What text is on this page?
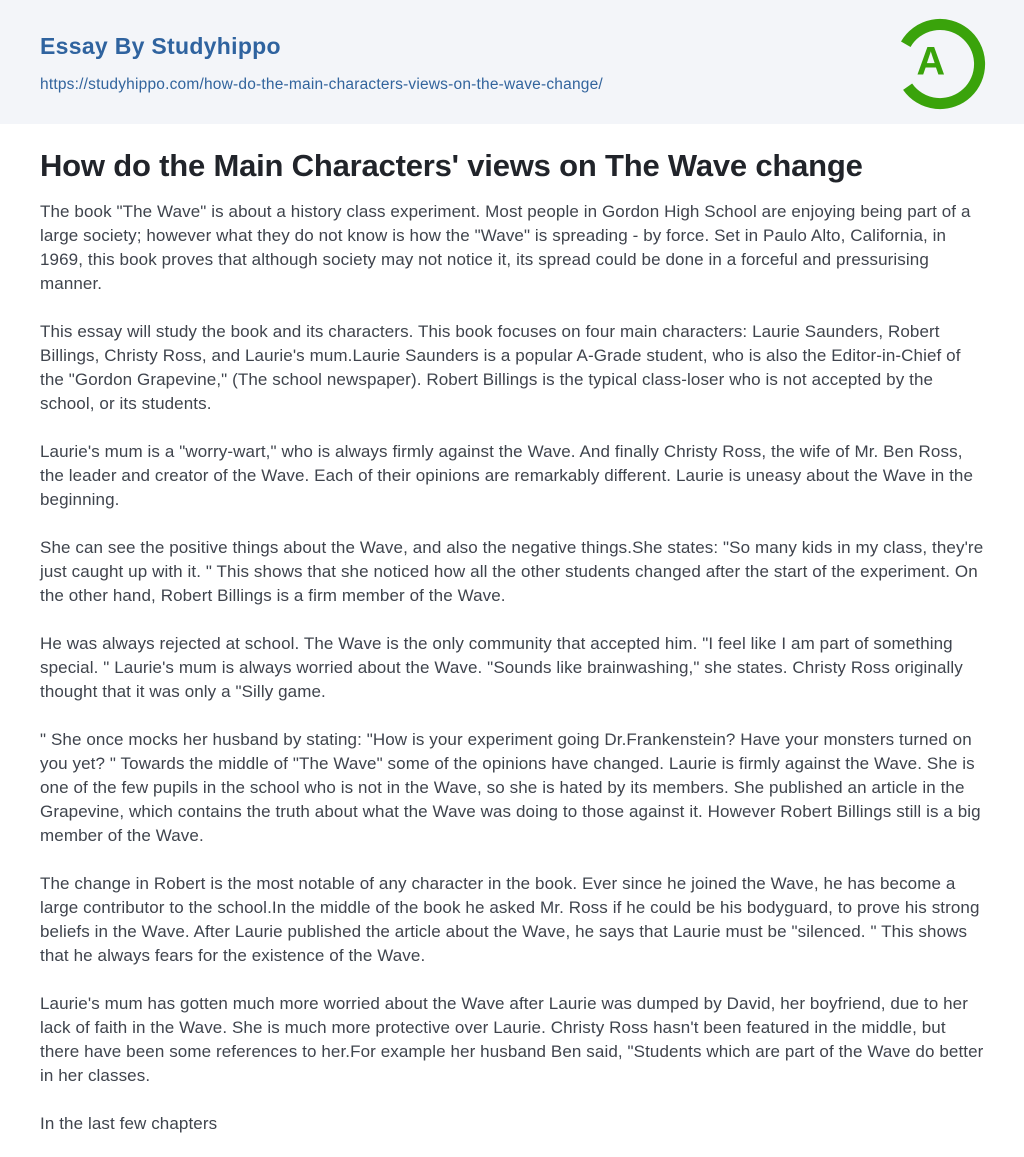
Essay By Studyhippo
https://studyhippo.com/how-do-the-main-characters-views-on-the-wave-change/
A
How do the Main Characters' views on The Wave change

The book "The Wave" is about a history class experiment. Most people in Gordon High School are enjoying being part of a large society; however what they do not know is how the "Wave" is spreading - by force. Set in Paulo Alto, California, in 1969, this book proves that although society may not notice it, its spread could be done in a forceful and pressurising manner.

This essay will study the book and its characters. This book focuses on four main characters: Laurie Saunders, Robert Billings, Christy Ross, and Laurie's mum.Laurie Saunders is a popular A-Grade student, who is also the Editor-in-Chief of the "Gordon Grapevine," (The school newspaper). Robert Billings is the typical class-loser who is not accepted by the school, or its students.

Laurie's mum is a "worry-wart," who is always firmly against the Wave. And finally Christy Ross, the wife of Mr. Ben Ross, the leader and creator of the Wave. Each of their opinions are remarkably different. Laurie is uneasy about the Wave in the beginning.

She can see the positive things about the Wave, and also the negative things.She states: "So many kids in my class, they're just caught up with it. " This shows that she noticed how all the other students changed after the start of the experiment. On the other hand, Robert Billings is a firm member of the Wave.

He was always rejected at school. The Wave is the only community that accepted him. "I feel like I am part of something special. " Laurie's mum is always worried about the Wave. "Sounds like brainwashing," she states. Christy Ross originally thought that it was only a "Silly game.

" She once mocks her husband by stating: "How is your experiment going Dr.Frankenstein? Have your monsters turned on you yet? " Towards the middle of "The Wave" some of the opinions have changed. Laurie is firmly against the Wave. She is one of the few pupils in the school who is not in the Wave, so she is hated by its members. She published an article in the Grapevine, which contains the truth about what the Wave was doing to those against it. However Robert Billings still is a big member of the Wave.

The change in Robert is the most notable of any character in the book. Ever since he joined the Wave, he has become a large contributor to the school.In the middle of the book he asked Mr. Ross if he could be his bodyguard, to prove his strong beliefs in the Wave. After Laurie published the article about the Wave, he says that Laurie must be "silenced. " This shows that he always fears for the existence of the Wave.

Laurie's mum has gotten much more worried about the Wave after Laurie was dumped by David, her boyfriend, due to her lack of faith in the Wave. She is much more protective over Laurie. Christy Ross hasn't been featured in the middle, but there have been some references to her.For example her husband Ben said, "Students which are part of the Wave do better in her classes.

In the last few chapters
